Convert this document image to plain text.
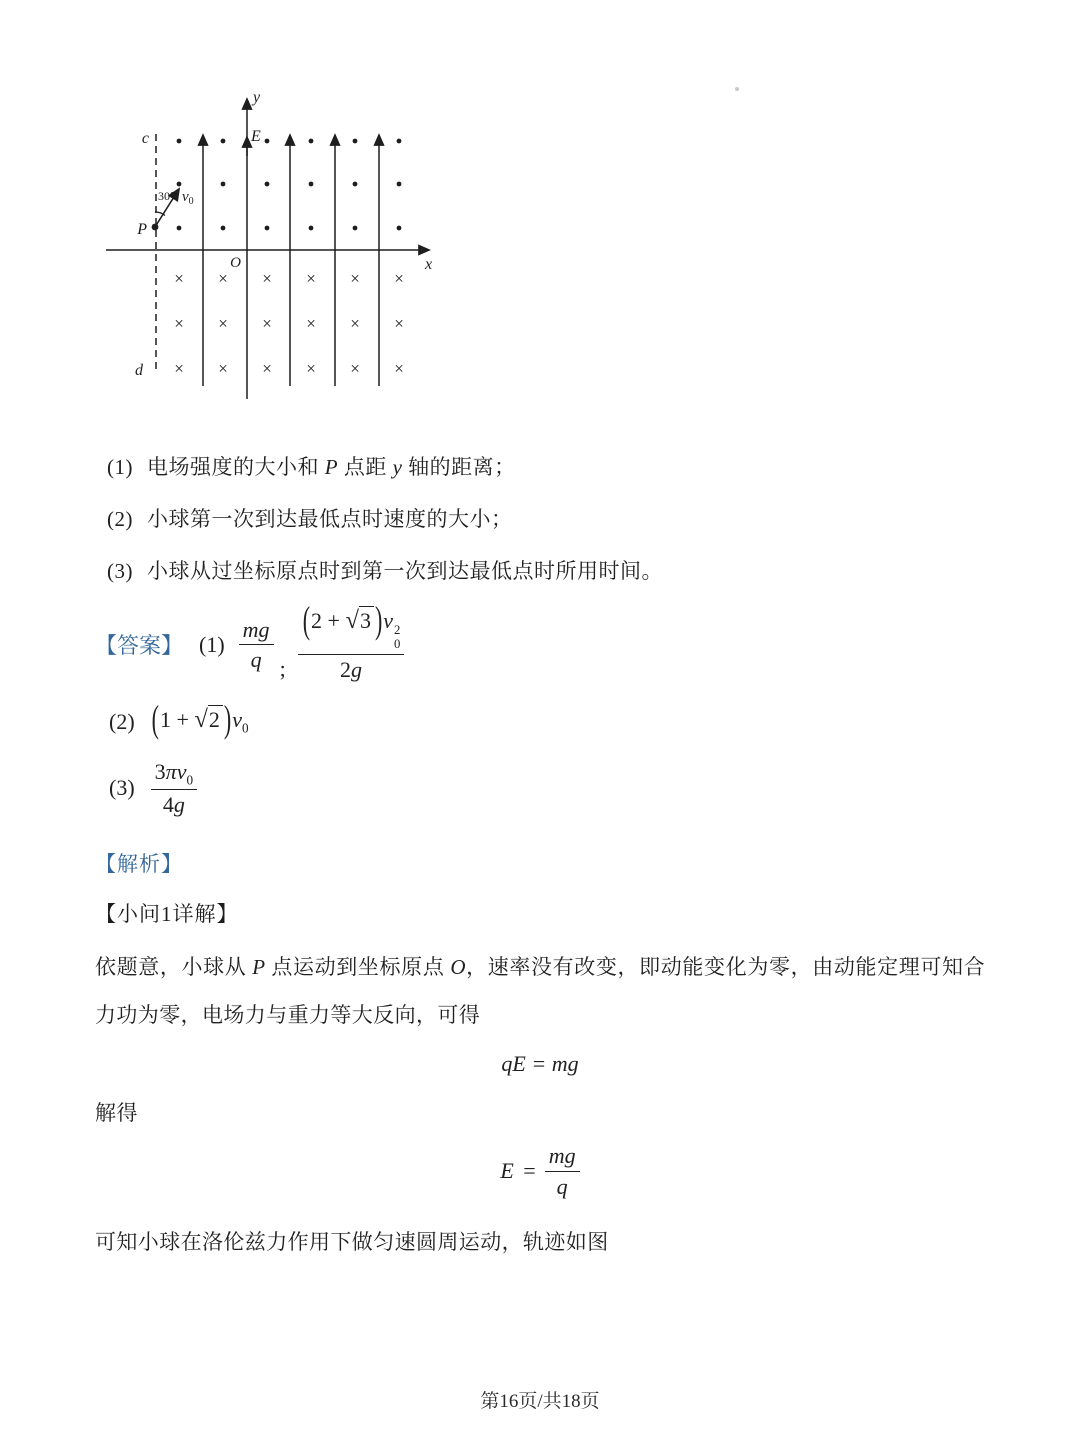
× × × × × ×
× × × × × ×
× × × × × ×
y
x
O
E
c
d
P
30° v0
(1) 电场强度的大小和 P 点距 y 轴的距离；
(2) 小球第一次到达最低点时速度的大小；
(3) 小球从过坐标原点时到第一次到达最低点时所用时间。
【答案】 $(1) \frac{mg}{q}$ ; (2 + √3 )v 2
0
2g
(2) (1 + √2 )$v_0$
$(3) \frac{3\pi v_0}{4g}$
【解析】
【小问1详解】
依题意，小球从 P 点运动到坐标原点 O，速率没有改变，即动能变化为零，由动能定理可知合力功为零，电场力与重力等大反向，可得
qE = mg
解得
$E = \frac{mg}{q}$
可知小球在洛伦兹力作用下做匀速圆周运动，轨迹如图
第16页/共18页
